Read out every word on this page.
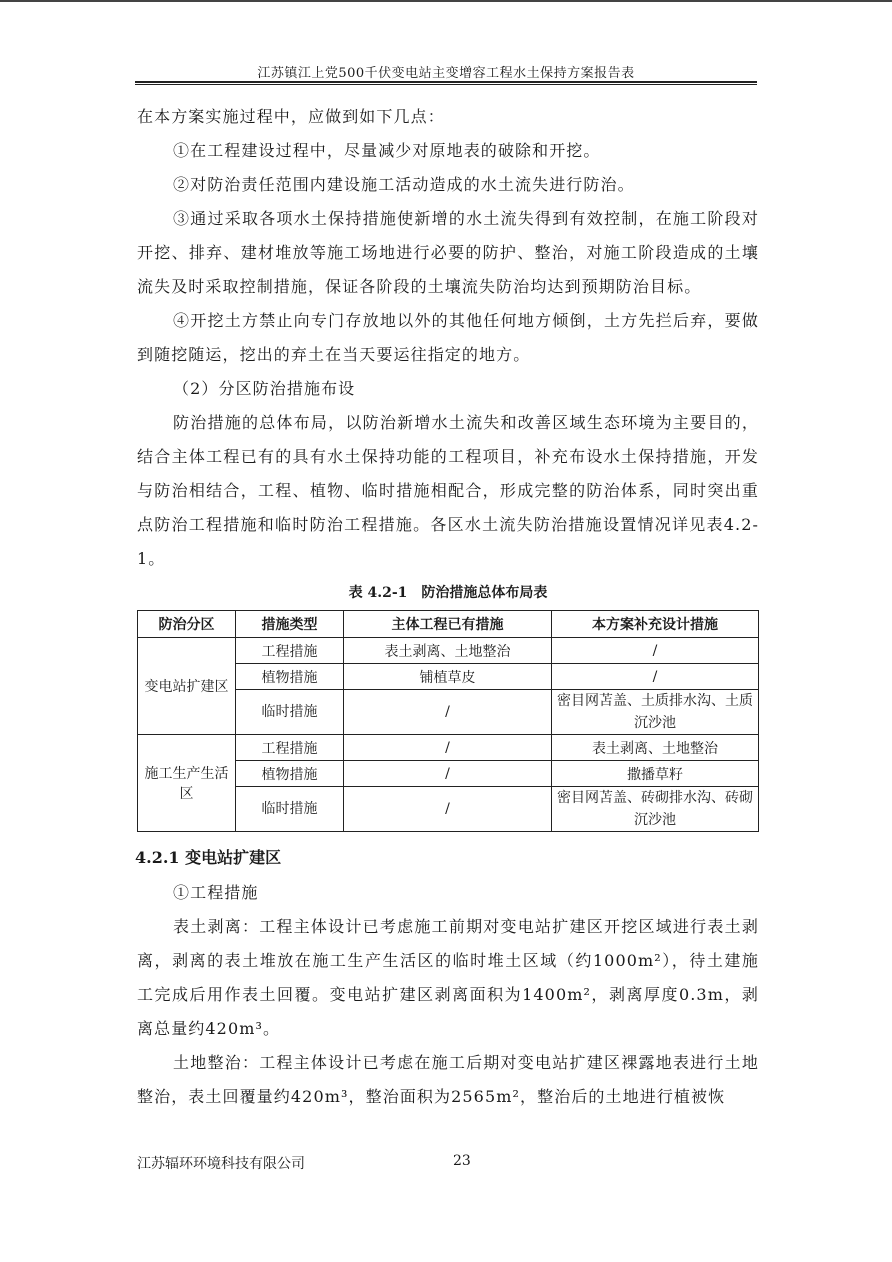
江苏镇江上党500千伏变电站主变增容工程水土保持方案报告表

在本方案实施过程中，应做到如下几点：

①在工程建设过程中，尽量减少对原地表的破除和开挖。

②对防治责任范围内建设施工活动造成的水土流失进行防治。

③通过采取各项水土保持措施使新增的水土流失得到有效控制，在施工阶段对开挖、排弃、建材堆放等施工场地进行必要的防护、整治，对施工阶段造成的土壤流失及时采取控制措施，保证各阶段的土壤流失防治均达到预期防治目标。

④开挖土方禁止向专门存放地以外的其他任何地方倾倒，土方先拦后弃，要做到随挖随运，挖出的弃土在当天要运往指定的地方。

（2）分区防治措施布设

防治措施的总体布局，以防治新增水土流失和改善区域生态环境为主要目的，结合主体工程已有的具有水土保持功能的工程项目，补充布设水土保持措施，开发与防治相结合，工程、植物、临时措施相配合，形成完整的防治体系，同时突出重点防治工程措施和临时防治工程措施。各区水土流失防治措施设置情况详见表4.2-1。

表 4.2-1　防治措施总体布局表
防治分区	措施类型	主体工程已有措施	本方案补充设计措施
变电站扩建区	工程措施	表土剥离、土地整治	/
	植物措施	铺植草皮	/
	临时措施	/	密目网苫盖、土质排水沟、土质沉沙池
施工生产生活区	工程措施	/	表土剥离、土地整治
	植物措施	/	撒播草籽
	临时措施	/	密目网苫盖、砖砌排水沟、砖砌沉沙池
4.2.1 变电站扩建区

①工程措施

表土剥离：工程主体设计已考虑施工前期对变电站扩建区开挖区域进行表土剥离，剥离的表土堆放在施工生产生活区的临时堆土区域（约1000m²），待土建施工完成后用作表土回覆。变电站扩建区剥离面积为1400m²，剥离厚度0.3m，剥离总量约420m³。

土地整治：工程主体设计已考虑在施工后期对变电站扩建区裸露地表进行土地整治，表土回覆量约420m³，整治面积为2565m²，整治后的土地进行植被恢

江苏辐环环境科技有限公司	23
